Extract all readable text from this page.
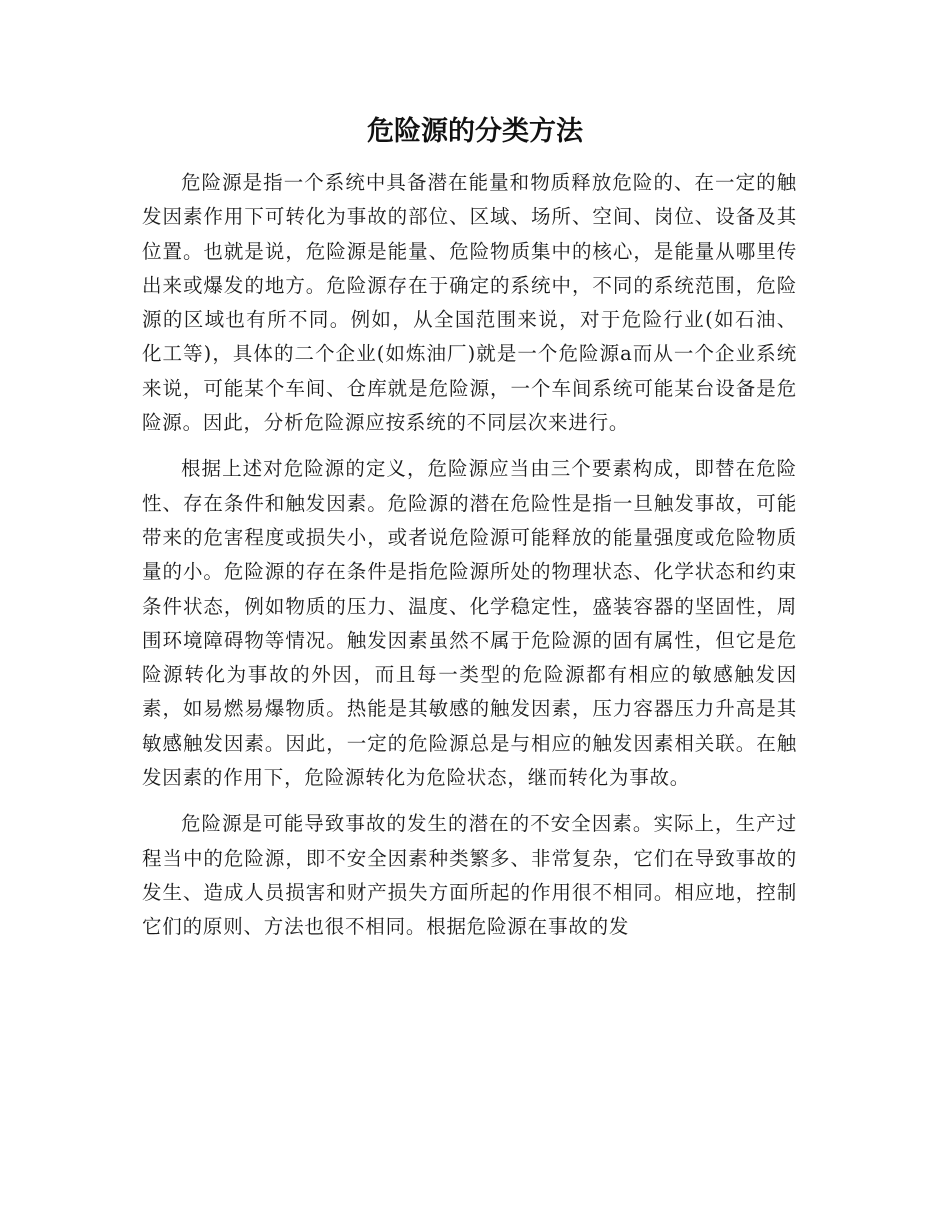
危险源的分类方法

危险源是指一个系统中具备潜在能量和物质释放危险的、在一定的触发因素作用下可转化为事故的部位、区域、场所、空间、岗位、设备及其位置。也就是说，危险源是能量、危险物质集中的核心，是能量从哪里传出来或爆发的地方。危险源存在于确定的系统中，不同的系统范围，危险源的区域也有所不同。例如，从全国范围来说，对于危险行业(如石油、化工等)，具体的二个企业(如炼油厂)就是一个危险源a而从一个企业系统来说，可能某个车间、仓库就是危险源，一个车间系统可能某台设备是危险源。因此，分析危险源应按系统的不同层次来进行。

根据上述对危险源的定义，危险源应当由三个要素构成，即替在危险性、存在条件和触发因素。危险源的潜在危险性是指一旦触发事故，可能带来的危害程度或损失小，或者说危险源可能释放的能量强度或危险物质量的小。危险源的存在条件是指危险源所处的物理状态、化学状态和约束条件状态，例如物质的压力、温度、化学稳定性，盛装容器的坚固性，周围环境障碍物等情况。触发因素虽然不属于危险源的固有属性，但它是危险源转化为事故的外因，而且每一类型的危险源都有相应的敏感触发因素，如易燃易爆物质。热能是其敏感的触发因素，压力容器压力升高是其敏感触发因素。因此，一定的危险源总是与相应的触发因素相关联。在触发因素的作用下，危险源转化为危险状态，继而转化为事故。

危险源是可能导致事故的发生的潜在的不安全因素。实际上，生产过程当中的危险源，即不安全因素种类繁多、非常复杂，它们在导致事故的发生、造成人员损害和财产损失方面所起的作用很不相同。相应地，控制它们的原则、方法也很不相同。根据危险源在事故的发
